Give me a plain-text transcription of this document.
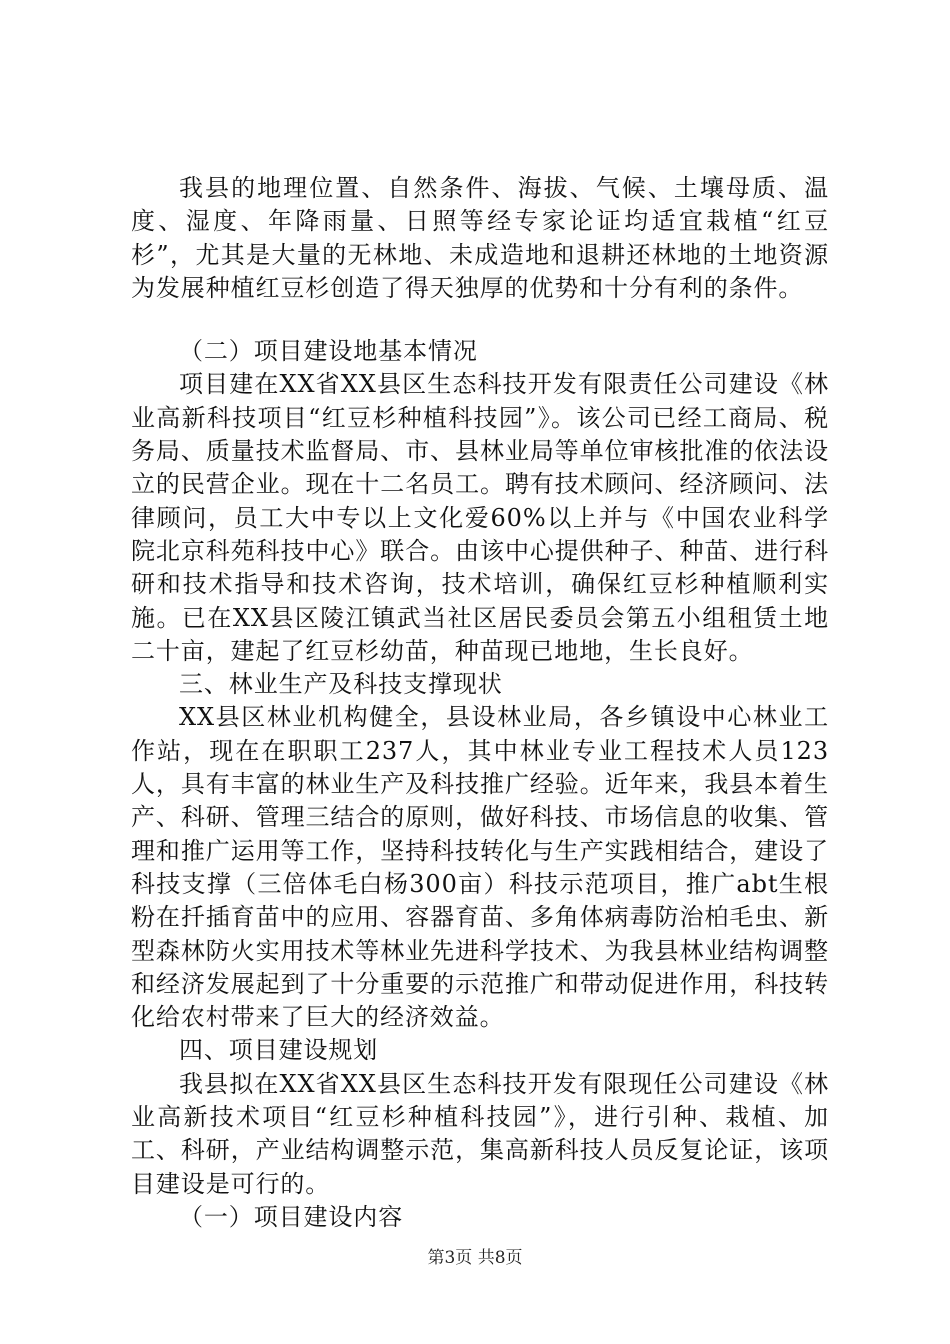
我县的地理位置、自然条件、海拔、气候、土壤母质、温度、湿度、年降雨量、日照等经专家论证均适宜栽植“红豆杉”，尤其是大量的无林地、未成造地和退耕还林地的土地资源为发展种植红豆杉创造了得天独厚的优势和十分有利的条件。

（二）项目建设地基本情况

项目建在XX省XX县区生态科技开发有限责任公司建设《林业高新科技项目“红豆杉种植科技园”》。该公司已经工商局、税务局、质量技术监督局、市、县林业局等单位审核批准的依法设立的民营企业。现在十二名员工。聘有技术顾问、经济顾问、法律顾问，员工大中专以上文化爱60%以上并与《中国农业科学院北京科苑科技中心》联合。由该中心提供种子、种苗、进行科研和技术指导和技术咨询，技术培训，确保红豆杉种植顺利实施。已在XX县区陵江镇武当社区居民委员会第五小组租赁土地二十亩，建起了红豆杉幼苗，种苗现已地地，生长良好。

三、林业生产及科技支撑现状

XX县区林业机构健全，县设林业局，各乡镇设中心林业工作站，现在在职职工237人，其中林业专业工程技术人员123人，具有丰富的林业生产及科技推广经验。近年来，我县本着生产、科研、管理三结合的原则，做好科技、市场信息的收集、管理和推广运用等工作，坚持科技转化与生产实践相结合，建设了科技支撑（三倍体毛白杨300亩）科技示范项目，推广abt生根粉在扦插育苗中的应用、容器育苗、多角体病毒防治柏毛虫、新型森林防火实用技术等林业先进科学技术、为我县林业结构调整和经济发展起到了十分重要的示范推广和带动促进作用，科技转化给农村带来了巨大的经济效益。

四、项目建设规划

我县拟在XX省XX县区生态科技开发有限现任公司建设《林业高新技术项目“红豆杉种植科技园”》，进行引种、栽植、加工、科研，产业结构调整示范，集高新科技人员反复论证，该项目建设是可行的。

（一）项目建设内容

第3页 共8页
